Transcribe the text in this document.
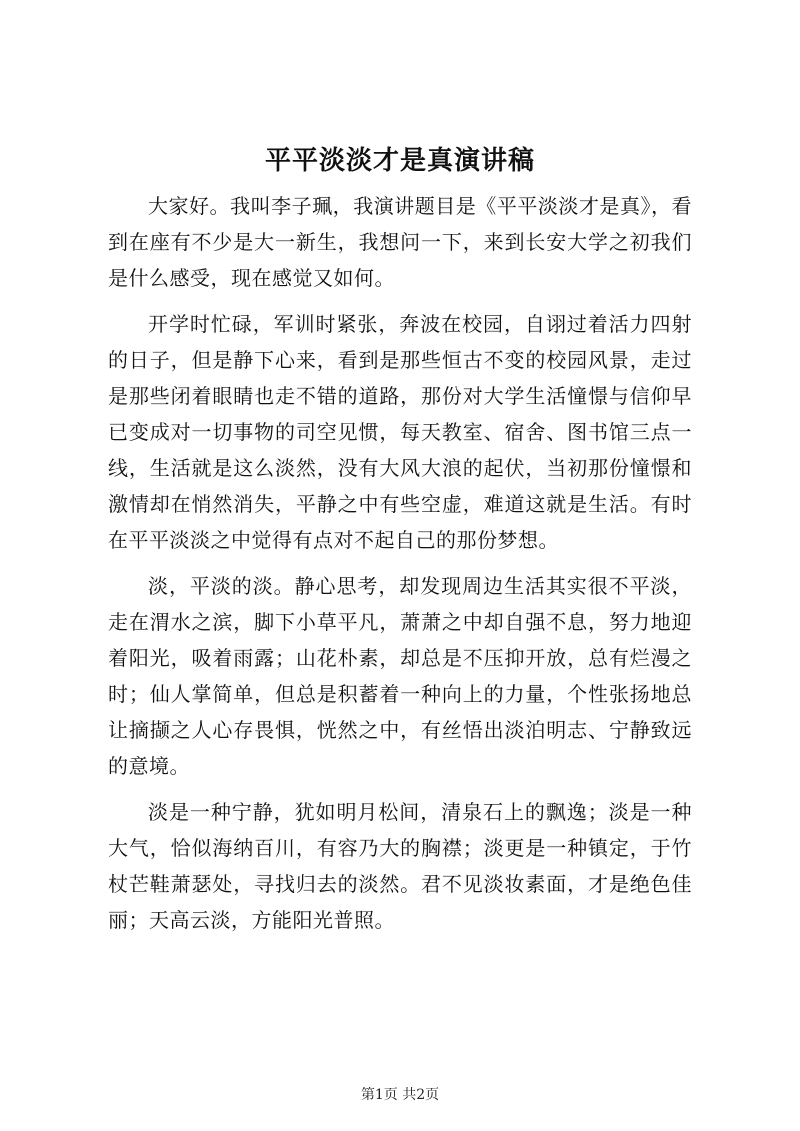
平平淡淡才是真演讲稿

大家好。我叫李子珮，我演讲题目是《平平淡淡才是真》，看到在座有不少是大一新生，我想问一下，来到长安大学之初我们是什么感受，现在感觉又如何。

开学时忙碌，军训时紧张，奔波在校园，自诩过着活力四射的日子，但是静下心来，看到是那些恒古不变的校园风景，走过是那些闭着眼睛也走不错的道路，那份对大学生活憧憬与信仰早已变成对一切事物的司空见惯，每天教室、宿舍、图书馆三点一线，生活就是这么淡然，没有大风大浪的起伏，当初那份憧憬和激情却在悄然消失，平静之中有些空虚，难道这就是生活。有时在平平淡淡之中觉得有点对不起自己的那份梦想。

淡，平淡的淡。静心思考，却发现周边生活其实很不平淡，走在渭水之滨，脚下小草平凡，萧萧之中却自强不息，努力地迎着阳光，吸着雨露；山花朴素，却总是不压抑开放，总有烂漫之时；仙人掌简单，但总是积蓄着一种向上的力量，个性张扬地总让摘撷之人心存畏惧，恍然之中，有丝悟出淡泊明志、宁静致远的意境。

淡是一种宁静，犹如明月松间，清泉石上的飘逸；淡是一种大气，恰似海纳百川，有容乃大的胸襟；淡更是一种镇定，于竹杖芒鞋萧瑟处，寻找归去的淡然。君不见淡妆素面，才是绝色佳丽；天高云淡，方能阳光普照。

第1页 共2页
